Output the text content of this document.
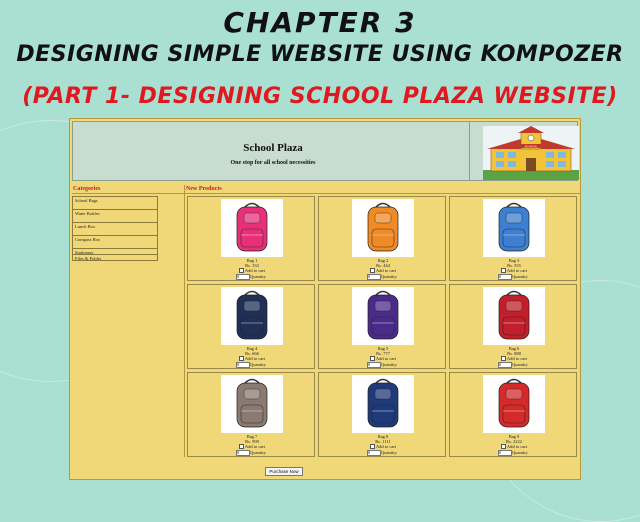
CHAPTER 3
DESIGNING SIMPLE WEBSITE USING KOMPOZER
(PART 1- DESIGNING SCHOOL PLAZA WEBSITE)
School Plaza
One stop for all school necessities
SCHOOL
Categories
School Bags
Water Bottles
Lunch Box
Compass Box
Stationary
Files & Folder
New Products
Bag 1
Rs. 333
Add to cart
0	Quantity
Bag 2
Rs. 444
Add to cart
0	Quantity
Bag 3
Rs. 555
Add to cart
0	Quantity
Bag 4
Rs. 666
Add to cart
0	Quantity
Bag 5
Rs. 777
Add to cart
0	Quantity
Bag 6
Rs. 888
Add to cart
0	Quantity
Bag 7
Rs. 999
Add to cart
0	Quantity
Bag 8
Rs. 1111
Add to cart
0	Quantity
Bag 9
Rs. 2222
Add to cart
0	Quantity
Purchase Now
